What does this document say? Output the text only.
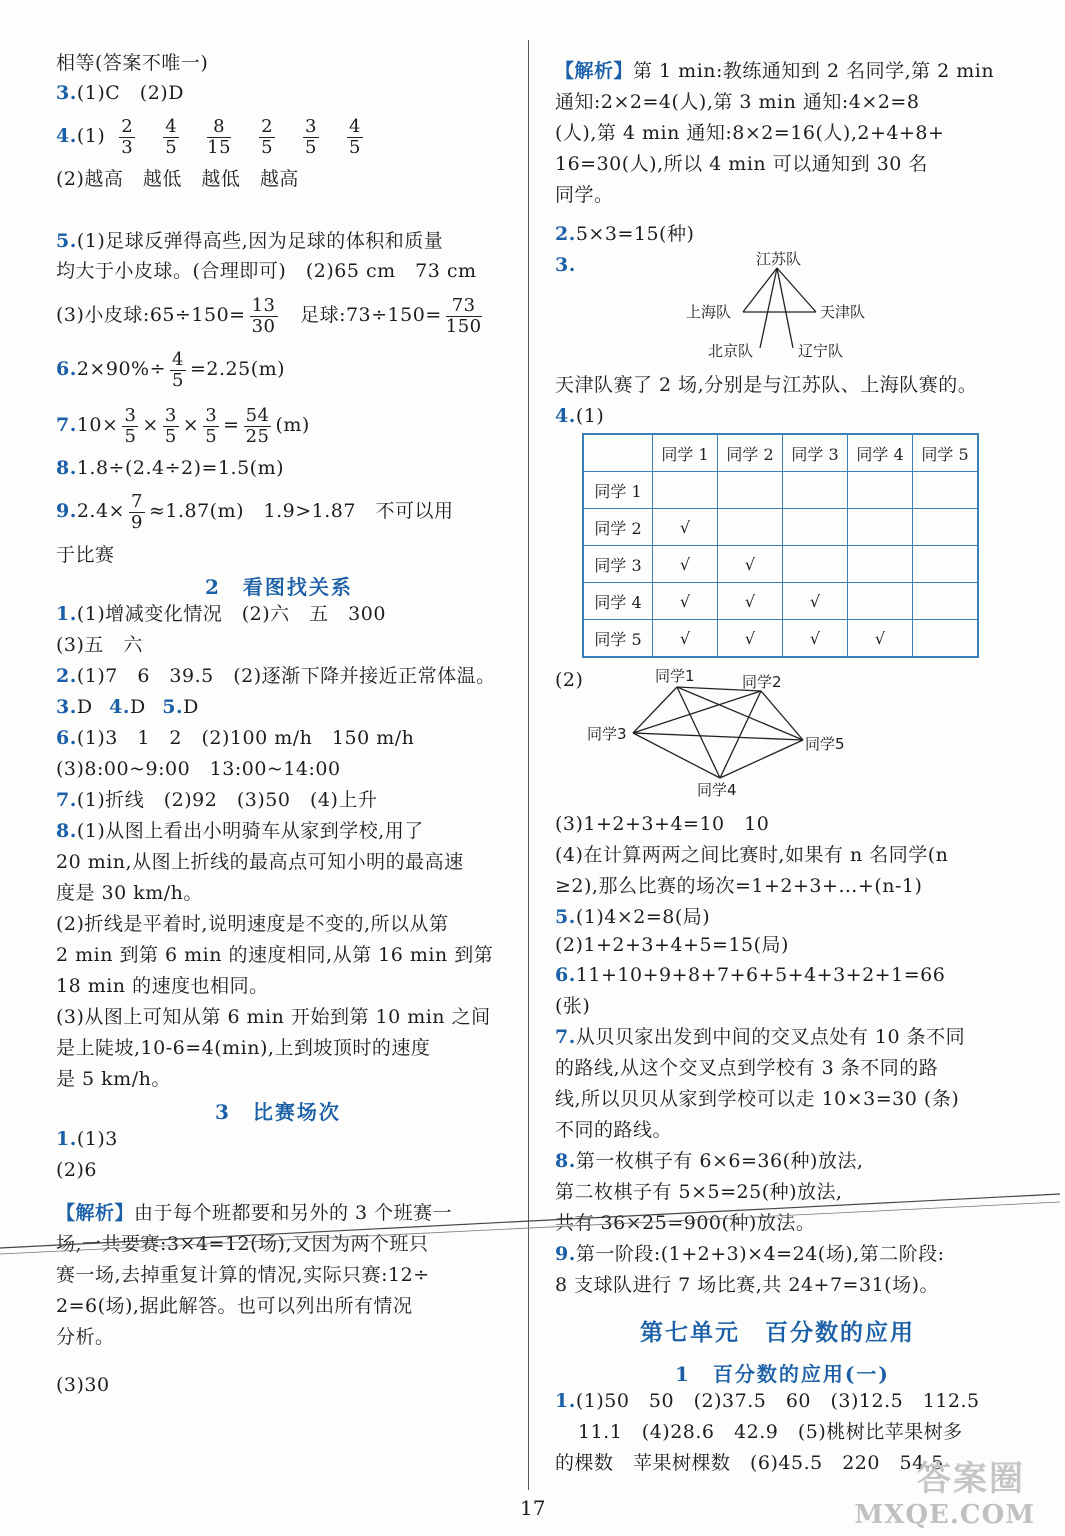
相等(答案不唯一)
3.(1)C　(2)D
$4.(1) \frac{2}{3} \frac{4}{5} \frac{8}{15} \frac{2}{5} \frac{3}{5} \frac{4}{5}$
(2)越高　越低　越低　越高
5.(1)足球反弹得高些,因为足球的体积和质量
均大于小皮球。(合理即可)　(2)65 cm　73 cm
(3)小皮球:65÷150= $\frac{13}{30}$ 足球:73÷150= $\frac{73}{150}$
$6.2\times 90\%\div \frac{4}{5} =2.25(m)$
$7.10\times \frac{3}{5} \times \frac{3}{5} \times \frac{3}{5} = \frac{54}{25} (m)$
8.1.8÷(2.4÷2)=1.5(m)
$9.2.4\times \frac{7}{9} \approx 1.87(m)$　1.9>1.87　不可以用
于比赛
2　看图找关系
1.(1)增减变化情况　(2)六　五　300
(3)五　六
2.(1)7　6　39.5　(2)逐渐下降并接近正常体温。
3.D 4.D 5.D
6.(1)3　1　2　(2)100 m/h　150 m/h
(3)8:00~9:00　13:00~14:00
7.(1)折线　(2)92　(3)50　(4)上升
8.(1)从图上看出小明骑车从家到学校,用了
20 min,从图上折线的最高点可知小明的最高速
度是 30 km/h。
(2)折线是平着时,说明速度是不变的,所以从第
2 min 到第 6 min 的速度相同,从第 16 min 到第
18 min 的速度也相同。
(3)从图上可知从第 6 min 开始到第 10 min 之间
是上陡坡,10-6=4(min),上到坡顶时的速度
是 5 km/h。
3　比赛场次
1.(1)3
(2)6
【解析】由于每个班都要和另外的 3 个班赛一
场,一共要赛:3×4=12(场),又因为两个班只
赛一场,去掉重复计算的情况,实际只赛:12÷
2=6(场),据此解答。也可以列出所有情况
分析。
(3)30
【解析】第 1 min:教练通知到 2 名同学,第 2 min
通知:2×2=4(人),第 3 min 通知:4×2=8
(人),第 4 min 通知:8×2=16(人),2+4+8+
16=30(人),所以 4 min 可以通知到 30 名
同学。
2.5×3=15(种)
3.	江苏队
上海队	天津队
北京队	辽宁队
天津队赛了 2 场,分别是与江苏队、上海队赛的。
4.(1)
	同学 1	同学 2	同学 3	同学 4	同学 5
同学 1					
同学 2	√				
同学 3	√	√			
同学 4	√	√	√		
同学 5	√	√	√	√	
(2)	同学1	同学2
同学3
同学5
同学4
(3)1+2+3+4=10　10
(4)在计算两两之间比赛时,如果有 n 名同学(n
≥2),那么比赛的场次=1+2+3+…+(n-1)
5.(1)4×2=8(局)
(2)1+2+3+4+5=15(局)
6.11+10+9+8+7+6+5+4+3+2+1=66
(张)
7.从贝贝家出发到中间的交叉点处有 10 条不同
的路线,从这个交叉点到学校有 3 条不同的路
线,所以贝贝从家到学校可以走 10×3=30 (条)
不同的路线。
8.第一枚棋子有 6×6=36(种)放法,
第二枚棋子有 5×5=25(种)放法,
共有 36×25=900(种)放法。
9.第一阶段:(1+2+3)×4=24(场),第二阶段:
8 支球队进行 7 场比赛,共 24+7=31(场)。
第七单元　百分数的应用
1　百分数的应用(一)
1.(1)50　50　(2)37.5　60　(3)12.5　112.5
11.1　(4)28.6　42.9　(5)桃树比苹果树多
的棵数　苹果树棵数　(6)45.5　220　54.5
17
答案圈
MXQE.COM
